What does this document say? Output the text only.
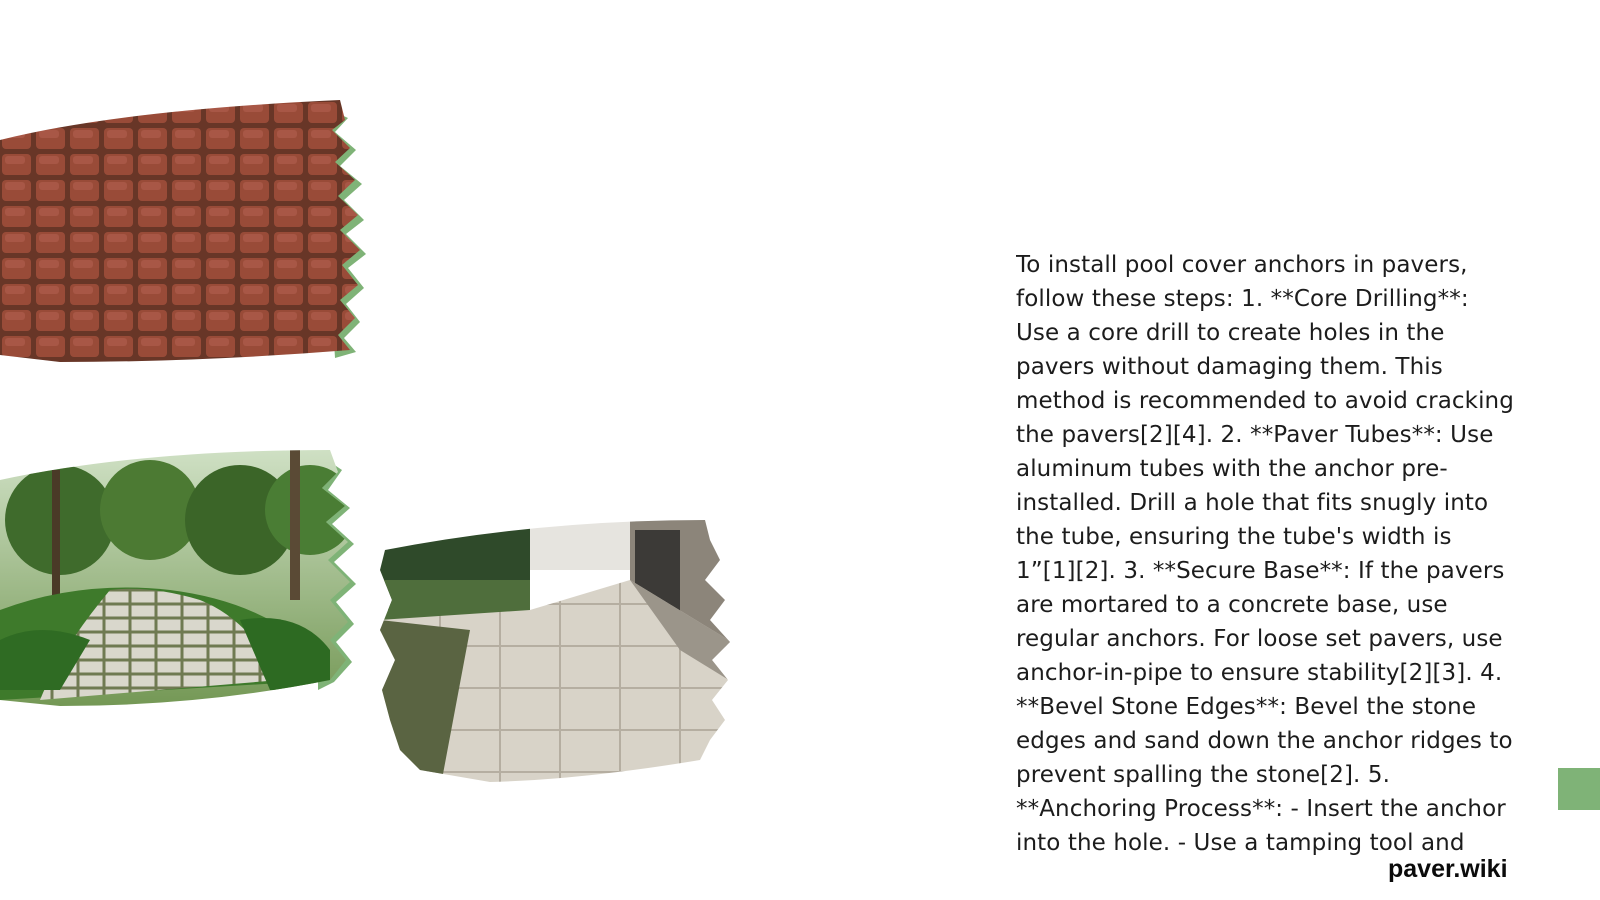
To install pool cover anchors in pavers, follow these steps: 1. **Core Drilling**: Use a core drill to create holes in the pavers without damaging them. This method is recommended to avoid cracking the pavers[2][4]. 2. **Paver Tubes**: Use aluminum tubes with the anchor pre-installed. Drill a hole that fits snugly into the tube, ensuring the tube's width is 1”[1][2]. 3. **Secure Base**: If the pavers are mortared to a concrete base, use regular anchors. For loose set pavers, use anchor-in-pipe to ensure stability[2][3]. 4. **Bevel Stone Edges**: Bevel the stone edges and sand down the anchor ridges to prevent spalling the stone[2]. 5. **Anchoring Process**: - Insert the anchor into the hole. - Use a tamping tool and
paver.wiki
